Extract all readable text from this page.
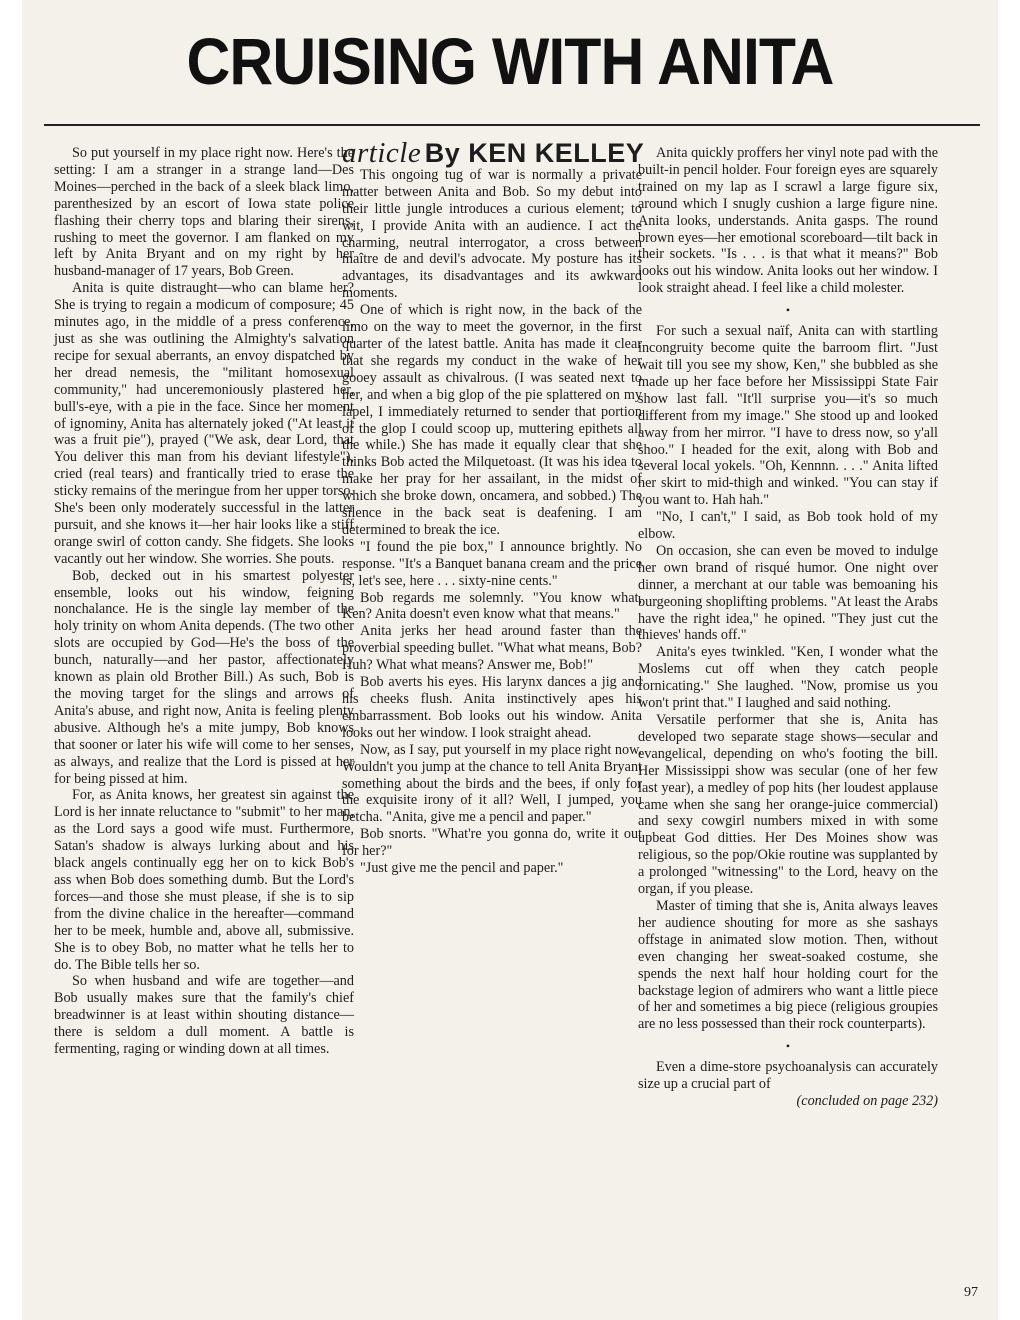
CRUISING WITH ANITA

So put yourself in my place right now. Here's the setting: I am a stranger in a strange land—Des Moines—perched in the back of a sleek black limo, parenthesized by an escort of Iowa state police flashing their cherry tops and blaring their sirens, rushing to meet the governor. I am flanked on my left by Anita Bryant and on my right by her husband-manager of 17 years, Bob Green.

Anita is quite distraught—who can blame her? She is trying to regain a modicum of composure; 45 minutes ago, in the middle of a press conference, just as she was outlining the Almighty's salvation recipe for sexual aberrants, an envoy dispatched by her dread nemesis, the "militant homosexual community," had unceremoniously plastered her, bull's-eye, with a pie in the face. Since her moment of ignominy, Anita has alternately joked ("At least it was a fruit pie"), prayed ("We ask, dear Lord, that You deliver this man from his deviant lifestyle"), cried (real tears) and frantically tried to erase the sticky remains of the meringue from her upper torso. She's been only moderately successful in the latter pursuit, and she knows it—her hair looks like a stiff orange swirl of cotton candy. She fidgets. She looks vacantly out her window. She worries. She pouts.

Bob, decked out in his smartest polyester ensemble, looks out his window, feigning nonchalance. He is the single lay member of the holy trinity on whom Anita depends. (The two other slots are occupied by God—He's the boss of the bunch, naturally—and her pastor, affectionately known as plain old Brother Bill.) As such, Bob is the moving target for the slings and arrows of Anita's abuse, and right now, Anita is feeling plenty abusive. Although he's a mite jumpy, Bob knows that sooner or later his wife will come to her senses, as always, and realize that the Lord is pissed at her for being pissed at him.

For, as Anita knows, her greatest sin against the Lord is her innate reluctance to "submit" to her man, as the Lord says a good wife must. Furthermore, Satan's shadow is always lurking about and his black angels continually egg her on to kick Bob's ass when Bob does something dumb. But the Lord's forces—and those she must please, if she is to sip from the divine chalice in the hereafter—command her to be meek, humble and, above all, submissive. She is to obey Bob, no matter what he tells her to do. The Bible tells her so.

So when husband and wife are together—and Bob usually makes sure that the family's chief breadwinner is at least within shouting distance—there is seldom a dull moment. A battle is fermenting, raging or winding down at all times.

article By KEN KELLEY

This ongoing tug of war is normally a private matter between Anita and Bob. So my debut into their little jungle introduces a curious element; to wit, I provide Anita with an audience. I act the charming, neutral interrogator, a cross between maître de and devil's advocate. My posture has its advantages, its disadvantages and its awkward moments.

One of which is right now, in the back of the limo on the way to meet the governor, in the first quarter of the latest battle. Anita has made it clear that she regards my conduct in the wake of her gooey assault as chivalrous. (I was seated next to her, and when a big glop of the pie splattered on my lapel, I immediately returned to sender that portion of the glop I could scoop up, muttering epithets all the while.) She has made it equally clear that she thinks Bob acted the Milquetoast. (It was his idea to make her pray for her assailant, in the midst of which she broke down, oncamera, and sobbed.) The silence in the back seat is deafening. I am determined to break the ice.

"I found the pie box," I announce brightly. No response. "It's a Banquet banana cream and the price is, let's see, here . . . sixty-nine cents."

Bob regards me solemnly. "You know what, Ken? Anita doesn't even know what that means."

Anita jerks her head around faster than the proverbial speeding bullet. "What what means, Bob? Huh? What what means? Answer me, Bob!"

Bob averts his eyes. His larynx dances a jig and his cheeks flush. Anita instinctively apes his embarrassment. Bob looks out his window. Anita looks out her window. I look straight ahead.

Now, as I say, put yourself in my place right now. Wouldn't you jump at the chance to tell Anita Bryant something about the birds and the bees, if only for the exquisite irony of it all? Well, I jumped, you betcha. "Anita, give me a pencil and paper."

Bob snorts. "What're you gonna do, write it out for her?"

"Just give me the pencil and paper."

Anita quickly proffers her vinyl note pad with the built-in pencil holder. Four foreign eyes are squarely trained on my lap as I scrawl a large figure six, around which I snugly cushion a large figure nine. Anita looks, understands. Anita gasps. The round brown eyes—her emotional scoreboard—tilt back in their sockets. "Is . . . is that what it means?" Bob looks out his window. Anita looks out her window. I look straight ahead. I feel like a child molester.

•

For such a sexual naïf, Anita can with startling incongruity become quite the barroom flirt. "Just wait till you see my show, Ken," she bubbled as she made up her face before her Mississippi State Fair show last fall. "It'll surprise you—it's so much different from my image." She stood up and looked away from her mirror. "I have to dress now, so y'all shoo." I headed for the exit, along with Bob and several local yokels. "Oh, Kennnn. . . ." Anita lifted her skirt to mid-thigh and winked. "You can stay if you want to. Hah hah."

"No, I can't," I said, as Bob took hold of my elbow.

On occasion, she can even be moved to indulge her own brand of risqué humor. One night over dinner, a merchant at our table was bemoaning his burgeoning shoplifting problems. "At least the Arabs have the right idea," he opined. "They just cut the thieves' hands off."

Anita's eyes twinkled. "Ken, I wonder what the Moslems cut off when they catch people fornicating." She laughed. "Now, promise us you won't print that." I laughed and said nothing.

Versatile performer that she is, Anita has developed two separate stage shows—secular and evangelical, depending on who's footing the bill. Her Mississippi show was secular (one of her few last year), a medley of pop hits (her loudest applause came when she sang her orange-juice commercial) and sexy cowgirl numbers mixed in with some upbeat God ditties. Her Des Moines show was religious, so the pop/Okie routine was supplanted by a prolonged "witnessing" to the Lord, heavy on the organ, if you please.

Master of timing that she is, Anita always leaves her audience shouting for more as she sashays offstage in animated slow motion. Then, without even changing her sweat-soaked costume, she spends the next half hour holding court for the backstage legion of admirers who want a little piece of her and sometimes a big piece (religious groupies are no less possessed than their rock counterparts).

•

Even a dime-store psychoanalysis can accurately size up a crucial part of

(concluded on page 232)

97
